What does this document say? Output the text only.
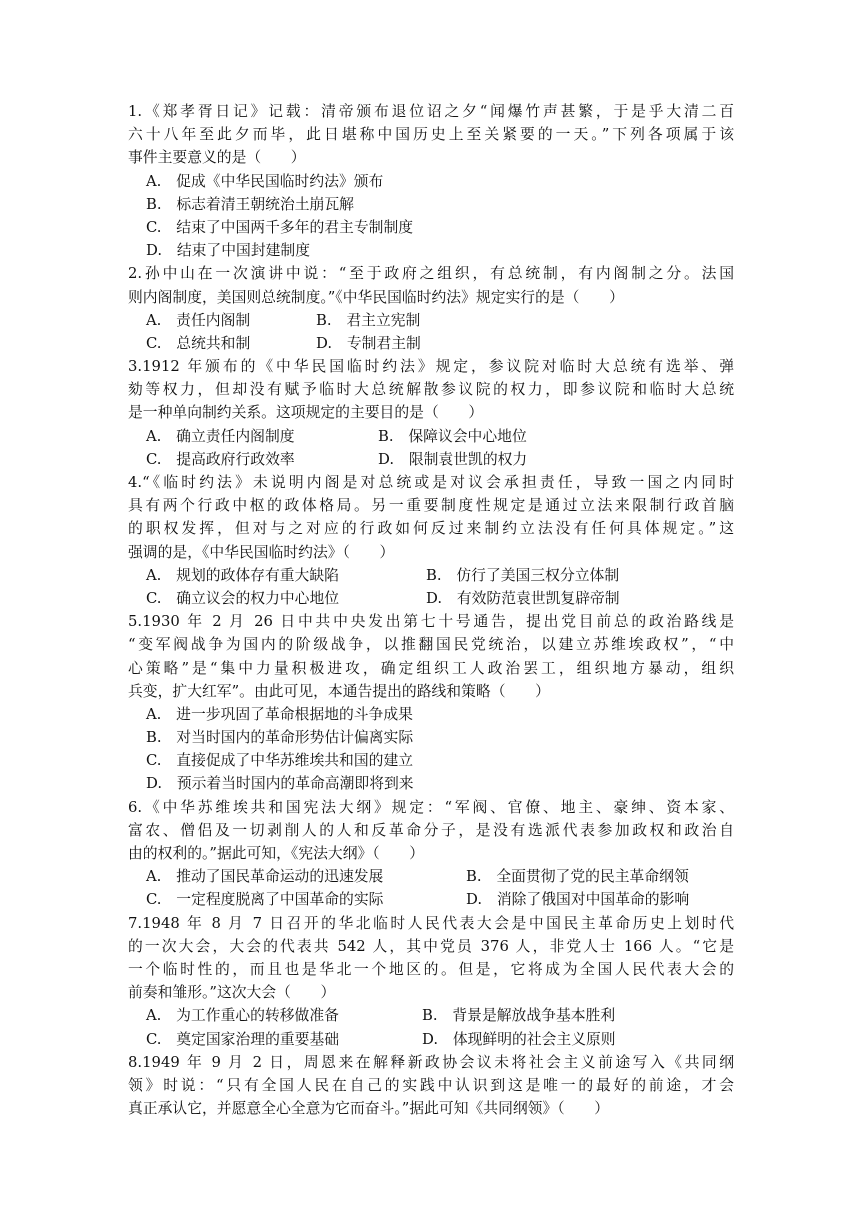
1.《郑孝胥日记》记载：清帝颁布退位诏之夕“闻爆竹声甚繁，于是乎大清二百
六十八年至此夕而毕，此日堪称中国历史上至关紧要的一天。”下列各项属于该
事件主要意义的是（　　）
A.　促成《中华民国临时约法》颁布
B.　标志着清王朝统治土崩瓦解
C.　结束了中国两千多年的君主专制制度
D.　结束了中国封建制度
2.孙中山在一次演讲中说：“至于政府之组织，有总统制，有内阁制之分。法国
则内阁制度，美国则总统制度。”《中华民国临时约法》规定实行的是（　　）
A.　责任内阁制	B.　君主立宪制
C.　总统共和制	D.　专制君主制
3.1912 年颁布的《中华民国临时约法》规定，参议院对临时大总统有选举、弹
劾等权力，但却没有赋予临时大总统解散参议院的权力，即参议院和临时大总统
是一种单向制约关系。这项规定的主要目的是（　　）
A.　确立责任内阁制度	B.　保障议会中心地位
C.　提高政府行政效率	D.　限制袁世凯的权力
4.“《临时约法》未说明内阁是对总统或是对议会承担责任，导致一国之内同时
具有两个行政中枢的政体格局。另一重要制度性规定是通过立法来限制行政首脑
的职权发挥，但对与之对应的行政如何反过来制约立法没有任何具体规定。”这
强调的是，《中华民国临时约法》（　　）
A.　规划的政体存有重大缺陷	B.　仿行了美国三权分立体制
C.　确立议会的权力中心地位	D.　有效防范袁世凯复辟帝制
5.1930 年 2 月 26 日中共中央发出第七十号通告，提出党目前总的政治路线是
“变军阀战争为国内的阶级战争，以推翻国民党统治，以建立苏维埃政权”，“中
心策略”是“集中力量积极进攻，确定组织工人政治罢工，组织地方暴动，组织
兵变，扩大红军”。由此可见，本通告提出的路线和策略（　　）
A.　进一步巩固了革命根据地的斗争成果
B.　对当时国内的革命形势估计偏离实际
C.　直接促成了中华苏维埃共和国的建立
D.　预示着当时国内的革命高潮即将到来
6.《中华苏维埃共和国宪法大纲》规定：“军阀、官僚、地主、豪绅、资本家、
富农、僧侣及一切剥削人的人和反革命分子，是没有选派代表参加政权和政治自
由的权利的。”据此可知，《宪法大纲》（　　）
A.　推动了国民革命运动的迅速发展	B.　全面贯彻了党的民主革命纲领
C.　一定程度脱离了中国革命的实际	D.　消除了俄国对中国革命的影响
7.1948 年 8 月 7 日召开的华北临时人民代表大会是中国民主革命历史上划时代
的一次大会，大会的代表共 542 人，其中党员 376 人，非党人士 166 人。“它是
一个临时性的，而且也是华北一个地区的。但是，它将成为全国人民代表大会的
前奏和雏形。”这次大会（　　）
A.　为工作重心的转移做准备	B.　背景是解放战争基本胜利
C.　奠定国家治理的重要基础	D.　体现鲜明的社会主义原则
8.1949 年 9 月 2 日，周恩来在解释新政协会议未将社会主义前途写入《共同纲
领》时说：“只有全国人民在自己的实践中认识到这是唯一的最好的前途，才会
真正承认它，并愿意全心全意为它而奋斗。”据此可知《共同纲领》（　　）
